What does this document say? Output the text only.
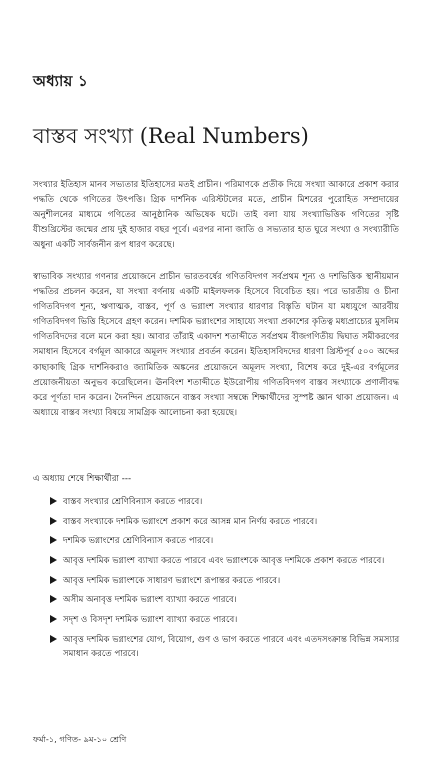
অধ্যায় ১
বাস্তব সংখ্যা (Real Numbers)

সংখ্যার ইতিহাস মানব সভ্যতার ইতিহাসের মতই প্রাচীন। পরিমাণকে প্রতীক দিয়ে সংখ্যা আকারে প্রকাশ করার পদ্ধতি থেকে গণিতের উৎপত্তি। গ্রিক দার্শনিক এরিস্টটলের মতে, প্রাচীন মিশরের পুরোহিত সম্প্রদায়ের অনুশীলনের মাধ্যমে গণিতের আনুষ্ঠানিক অভিষেক ঘটে। তাই বলা যায় সংখ্যাভিত্তিক গণিতের সৃষ্টি যীশুখ্রিস্টের জন্মের প্রায় দুই হাজার বছর পূর্বে। এরপর নানা জাতি ও সভ্যতার হাত ঘুরে সংখ্যা ও সংখ্যারীতি অধুনা একটি সার্বজনীন রূপ ধারণ করেছে।

স্বাভাবিক সংখ্যার গণনার প্রয়োজনে প্রাচীন ভারতবর্ষের গণিতবিদগণ সর্বপ্রথম শূন্য ও দশভিত্তিক স্থানীয়মান পদ্ধতির প্রচলন করেন, যা সংখ্যা বর্ণনায় একটি মাইলফলক হিসেবে বিবেচিত হয়। পরে ভারতীয় ও চীনা গণিতবিদগণ শূন্য, ঋণাত্মক, বাস্তব, পূর্ণ ও ভগ্নাংশ সংখ্যার ধারণার বিস্তৃতি ঘটান যা মধ্যযুগে আরবীয় গণিতবিদগণ ভিত্তি হিসেবে গ্রহণ করেন। দশমিক ভগ্নাংশের সাহায্যে সংখ্যা প্রকাশের কৃতিত্ব মধ্যপ্রাচ্যের মুসলিম গণিতবিদদের বলে মনে করা হয়। আবার তাঁরাই একাদশ শতাব্দীতে সর্বপ্রথম বীজগণিতীয় দ্বিঘাত সমীকরণের সমাধান হিসেবে বর্গমূল আকারে অমূলদ সংখ্যার প্রবর্তন করেন। ইতিহাসবিদদের ধারণা খ্রিস্টপূর্ব ৫০০ অব্দের কাছাকাছি গ্রিক দার্শনিকরাও জ্যামিতিক অঙ্কনের প্রয়োজনে অমূলদ সংখ্যা, বিশেষ করে দুই-এর বর্গমূলের প্রয়োজনীয়তা অনুভব করেছিলেন। ঊনবিংশ শতাব্দীতে ইউরোপীয় গণিতবিদগণ বাস্তব সংখ্যাকে প্রণালীবদ্ধ করে পূর্ণতা দান করেন। দৈনন্দিন প্রয়োজনে বাস্তব সংখ্যা সম্বন্ধে শিক্ষার্থীদের সুস্পষ্ট জ্ঞান থাকা প্রয়োজন। এ অধ্যায়ে বাস্তব সংখ্যা বিষয়ে সামগ্রিক আলোচনা করা হয়েছে।

এ অধ্যায় শেষে শিক্ষার্থীরা ---
বাস্তব সংখ্যার শ্রেণিবিন্যাস করতে পারবে।
বাস্তব সংখ্যাকে দশমিক ভগ্নাংশে প্রকাশ করে আসন্ন মান নির্ণয় করতে পারবে।
দশমিক ভগ্নাংশের শ্রেণিবিন্যাস করতে পারবে।
আবৃত্ত দশমিক ভগ্নাংশ ব্যাখ্যা করতে পারবে এবং ভগ্নাংশকে আবৃত্ত দশমিকে প্রকাশ করতে পারবে।
আবৃত্ত দশমিক ভগ্নাংশকে সাধারণ ভগ্নাংশে রূপান্তর করতে পারবে।
অসীম অনাবৃত্ত দশমিক ভগ্নাংশ ব্যাখ্যা করতে পারবে।
সদৃশ ও বিসদৃশ দশমিক ভগ্নাংশ ব্যাখ্যা করতে পারবে।
আবৃত্ত দশমিক ভগ্নাংশের যোগ, বিয়োগ, গুণ ও ভাগ করতে পারবে এবং এতদসংক্রান্ত বিভিন্ন সমস্যার সমাধান করতে পারবে।
ফর্মা-১, গণিত- ৯ম-১০ শ্রেণি
